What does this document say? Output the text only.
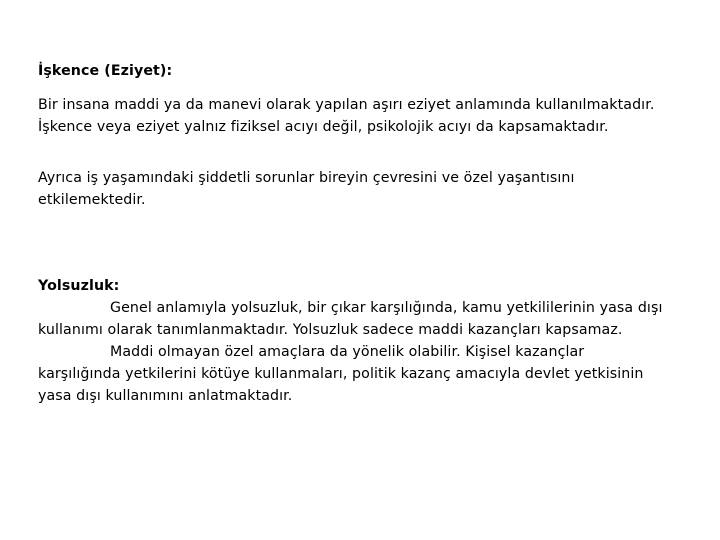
İşkence (Eziyet):

Bir insana maddi ya da manevi olarak yapılan aşırı eziyet anlamında kullanılmaktadır.

İşkence veya eziyet yalnız fiziksel acıyı değil, psikolojik acıyı da kapsamaktadır.

Ayrıca iş yaşamındaki şiddetli sorunlar bireyin çevresini ve özel yaşantısını

etkilemektedir.

Yolsuzluk:

Genel anlamıyla yolsuzluk, bir çıkar karşılığında, kamu yetkililerinin yasa dışı

kullanımı olarak tanımlanmaktadır. Yolsuzluk sadece maddi kazançları kapsamaz.

Maddi olmayan özel amaçlara da yönelik olabilir. Kişisel kazançlar

karşılığında yetkilerini kötüye kullanmaları, politik kazanç amacıyla devlet yetkisinin

yasa dışı kullanımını anlatmaktadır.
